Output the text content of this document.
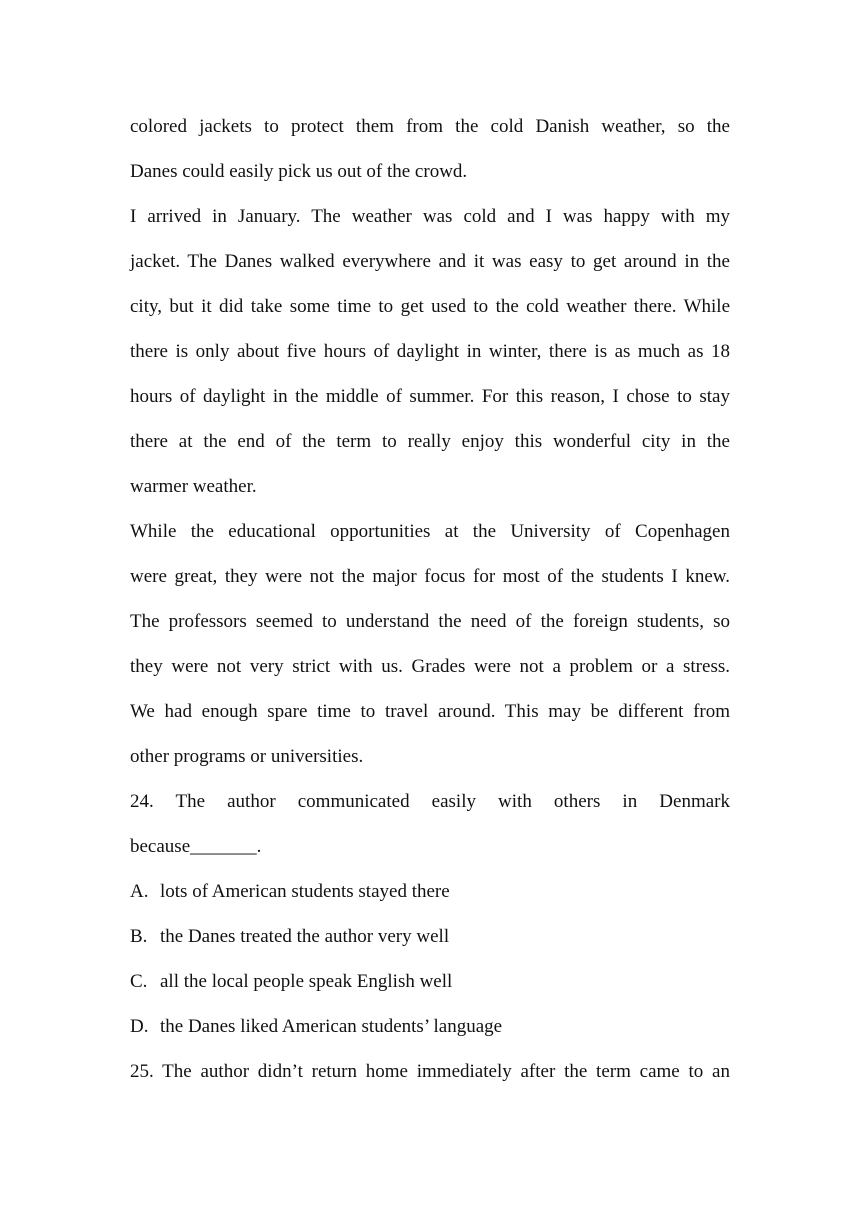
colored jackets to protect them from the cold Danish weather, so the
Danes could easily pick us out of the crowd.
I arrived in January. The weather was cold and I was happy with my
jacket. The Danes walked everywhere and it was easy to get around in the
city, but it did take some time to get used to the cold weather there. While
there is only about five hours of daylight in winter, there is as much as 18
hours of daylight in the middle of summer. For this reason, I chose to stay
there at the end of the term to really enjoy this wonderful city in the
warmer weather.
While the educational opportunities at the University of Copenhagen
were great, they were not the major focus for most of the students I knew.
The professors seemed to understand the need of the foreign students, so
they were not very strict with us. Grades were not a problem or a stress.
We had enough spare time to travel around. This may be different from
other programs or universities.
24. The author communicated easily with others in Denmark
because_______.
A. lots of American students stayed there
B. the Danes treated the author very well
C. all the local people speak English well
D. the Danes liked American students’ language
25. The author didn’t return home immediately after the term came to an
